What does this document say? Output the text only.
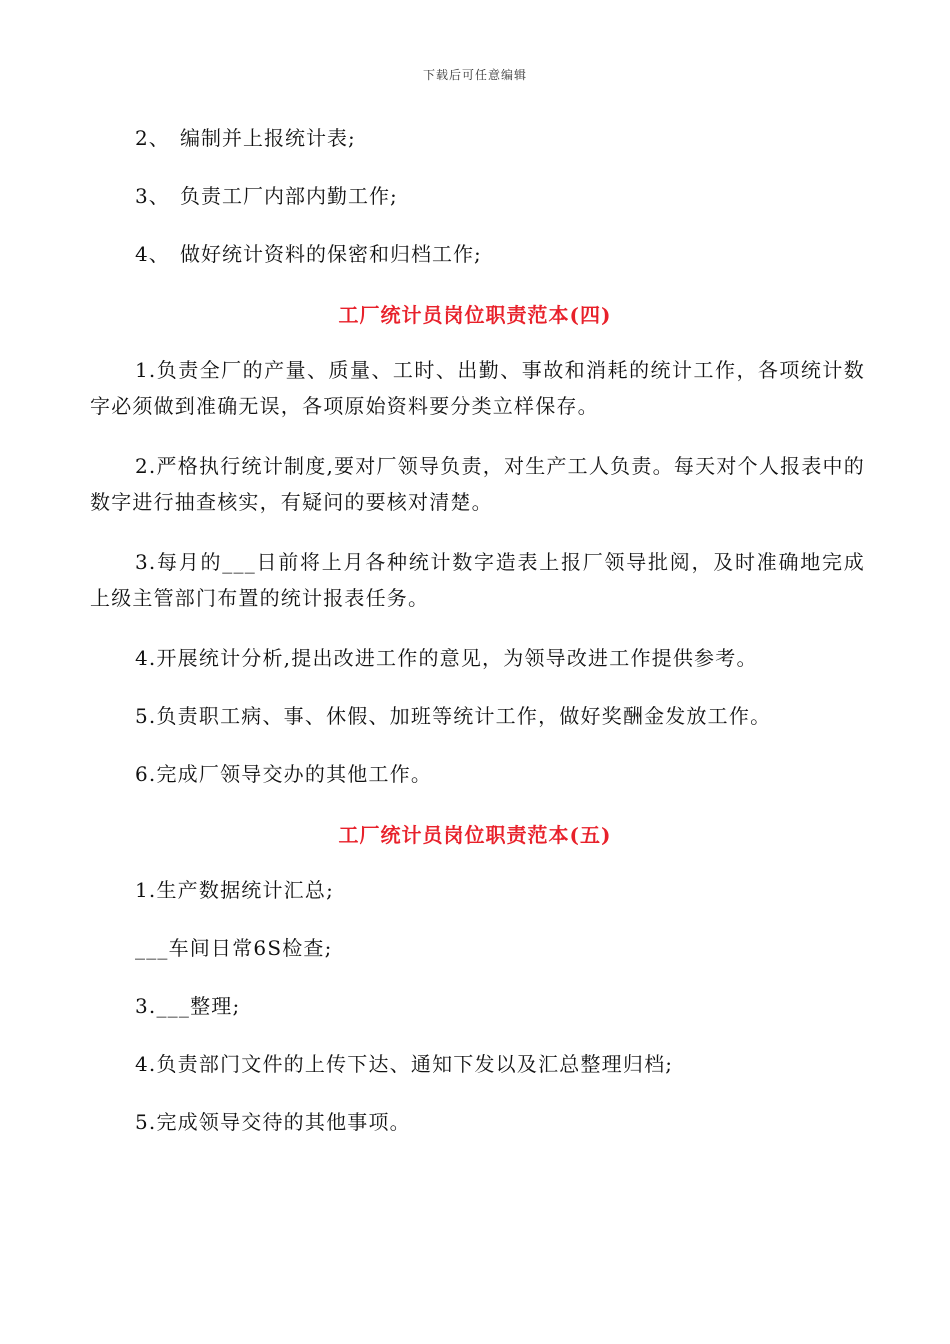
下载后可任意编辑
2、 编制并上报统计表;
3、 负责工厂内部内勤工作;
4、 做好统计资料的保密和归档工作;
工厂统计员岗位职责范本(四)
1.负责全厂的产量、质量、工时、出勤、事故和消耗的统计工作，各项统计数字必须做到准确无误，各项原始资料要分类立样保存。
2.严格执行统计制度,要对厂领导负责，对生产工人负责。每天对个人报表中的数字进行抽查核实，有疑问的要核对清楚。
3.每月的___日前将上月各种统计数字造表上报厂领导批阅，及时准确地完成上级主管部门布置的统计报表任务。
4.开展统计分析,提出改进工作的意见，为领导改进工作提供参考。
5.负责职工病、事、休假、加班等统计工作，做好奖酬金发放工作。
6.完成厂领导交办的其他工作。
工厂统计员岗位职责范本(五)
1.生产数据统计汇总;
___车间日常6S检查;
3.___整理;
4.负责部门文件的上传下达、通知下发以及汇总整理归档;
5.完成领导交待的其他事项。
